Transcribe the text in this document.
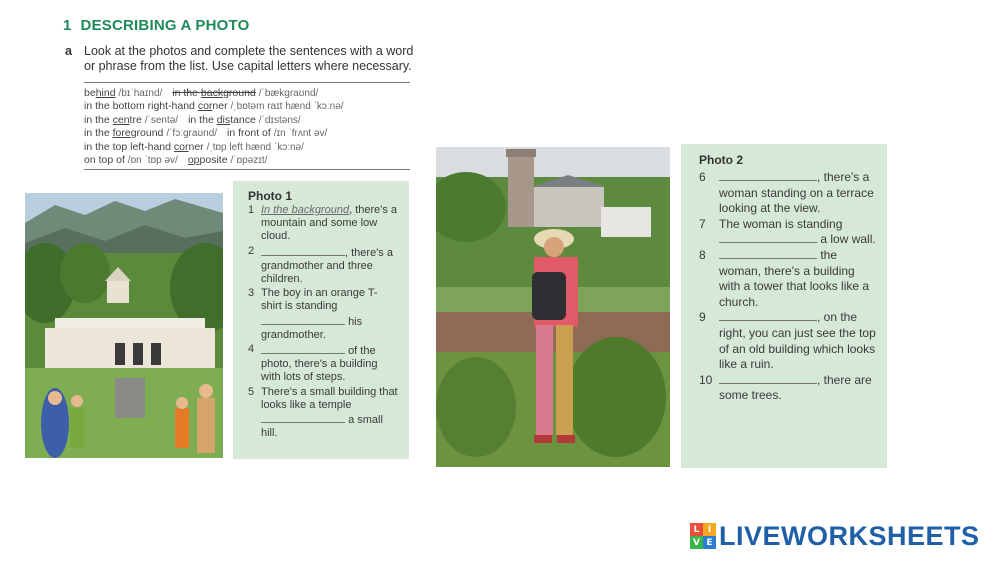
1 DESCRIBING A PHOTO
a Look at the photos and complete the sentences with a word or phrase from the list. Use capital letters where necessary.
behind /bɪˈhaɪnd/ in the background /ˈbækgraʊnd/
in the bottom right-hand corner /ˌbɒtəm raɪt hænd ˈkɔːnə/
in the centre /ˈsentə/ in the distance /ˈdɪstəns/
in the foreground /ˈfɔːgraʊnd/ in front of /ɪn ˈfrʌnt əv/
in the top left-hand corner /ˌtɒp left hænd ˈkɔːnə/
on top of /ɒn ˈtɒp əv/ opposite /ˈɒpəzɪt/
Photo 1
1 In the background, there's a mountain and some low cloud.
2	, there's a grandmother and three children.
3 The boy in an orange T-shirt is standing
his grandmother.
4	of the photo, there's a building with lots of steps.
5 There's a small building that looks like a temple
a small hill.
Photo 2
6	, there's a woman standing on a terrace looking at the view.
7 The woman is standing
a low wall.
8	the woman, there's a building with a tower that looks like a church.
9	, on the right, you can just see the top of an old building which looks like a ruin.
10	, there are some trees.
L I
V E LIVEWORKSHEETS
